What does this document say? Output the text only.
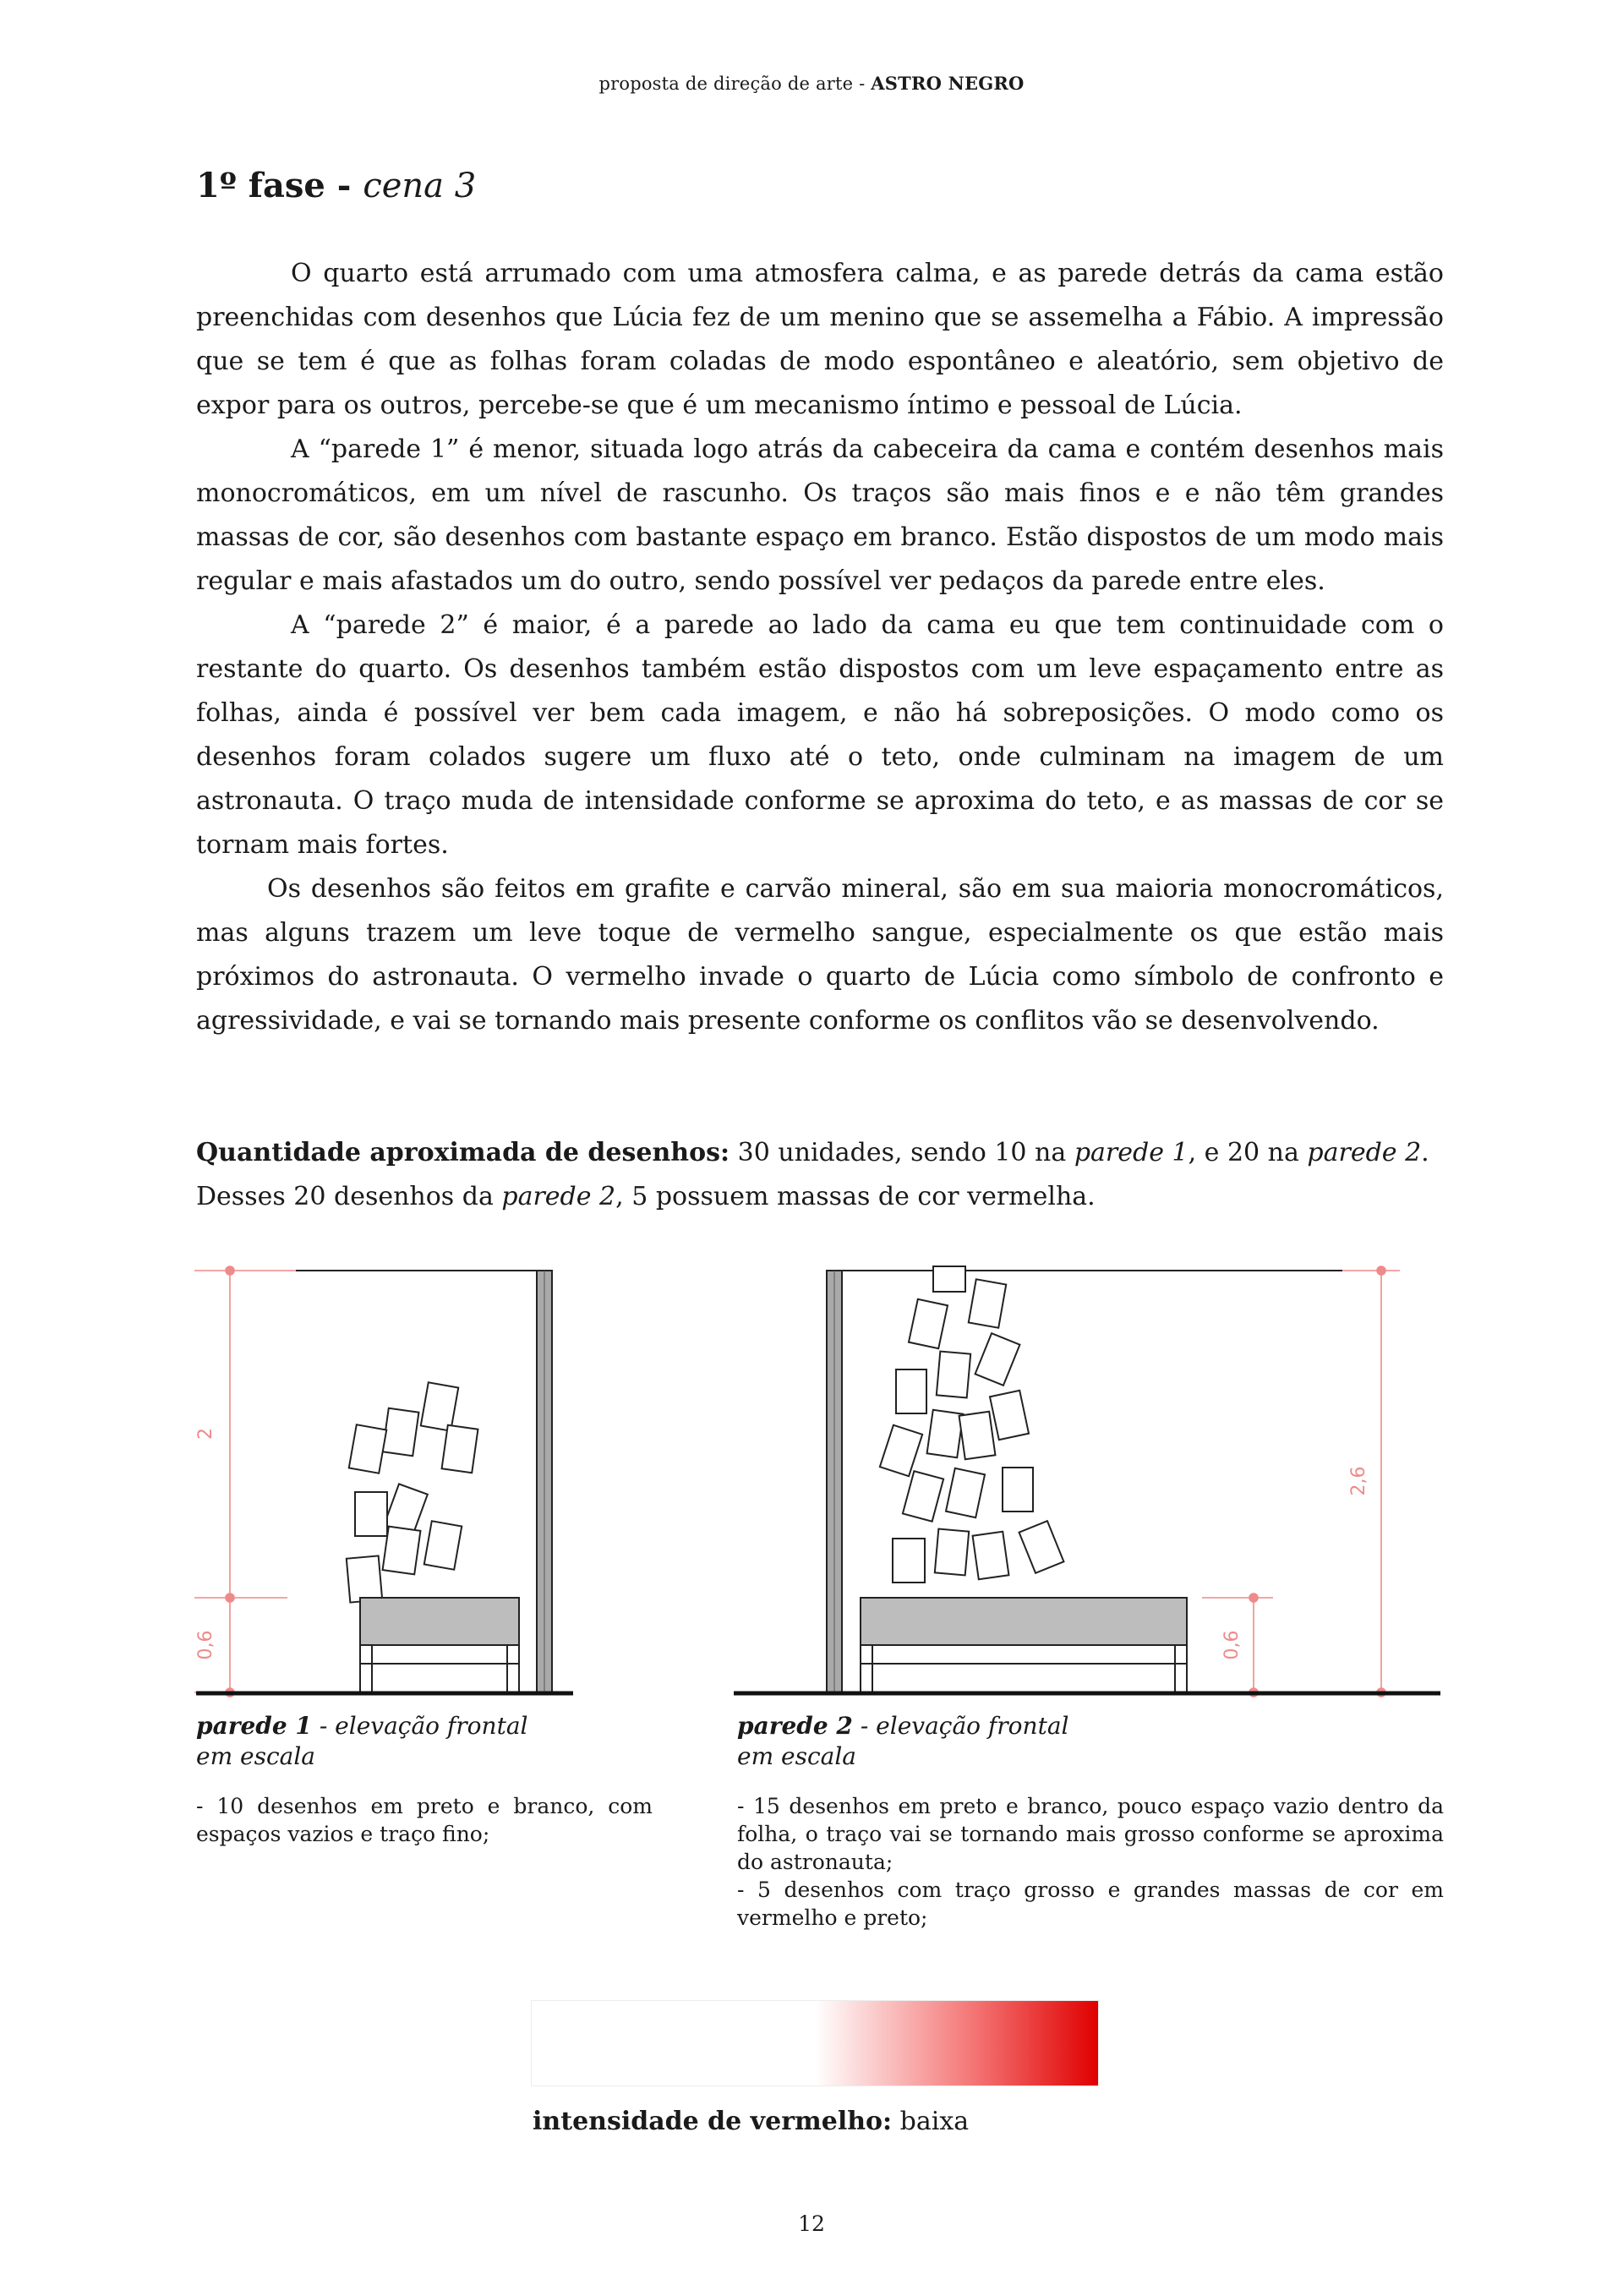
proposta de direção de arte - ASTRO NEGRO
1º fase - cena 3

O quarto está arrumado com uma atmosfera calma, e as parede detrás da cama estão preenchidas com desenhos que Lúcia fez de um menino que se assemelha a Fábio. A impressão que se tem é que as folhas foram coladas de modo espontâneo e aleatório, sem objetivo de expor para os outros, percebe-se que é um mecanismo íntimo e pessoal de Lúcia.

A “parede 1” é menor, situada logo atrás da cabeceira da cama e contém desenhos mais monocromáticos, em um nível de rascunho. Os traços são mais finos e e não têm grandes massas de cor, são desenhos com bastante espaço em branco. Estão dispostos de um modo mais regular e mais afastados um do outro, sendo possível ver pedaços da parede entre eles.

A “parede 2” é maior, é a parede ao lado da cama eu que tem continuidade com o restante do quarto. Os desenhos também estão dispostos com um leve espaçamento entre as folhas, ainda é possível ver bem cada imagem, e não há sobreposições. O modo como os desenhos foram colados sugere um fluxo até o teto, onde culminam na imagem de um astronauta. O traço muda de intensidade conforme se aproxima do teto, e as massas de cor se tornam mais fortes.

Os desenhos são feitos em grafite e carvão mineral, são em sua maioria monocromáticos, mas alguns trazem um leve toque de vermelho sangue, especialmente os que estão mais próximos do astronauta. O vermelho invade o quarto de Lúcia como símbolo de confronto e agressividade, e vai se tornando mais presente conforme os conflitos vão se desenvolvendo.

Quantidade aproximada de desenhos: 30 unidades, sendo 10 na parede 1, e 20 na parede 2. Desses 20 desenhos da parede 2, 5 possuem massas de cor vermelha.
2
0,6
2,6
0,6
parede 1 - elevação frontal
em escala
- 10 desenhos em preto e branco, com espaços vazios e traço fino;
parede 2 - elevação frontal
em escala
- 15 desenhos em preto e branco, pouco espaço vazio dentro da folha, o traço vai se tornando mais grosso conforme se aproxima do astronauta;
- 5 desenhos com traço grosso e grandes massas de cor em vermelho e preto;
intensidade de vermelho: baixa
12
